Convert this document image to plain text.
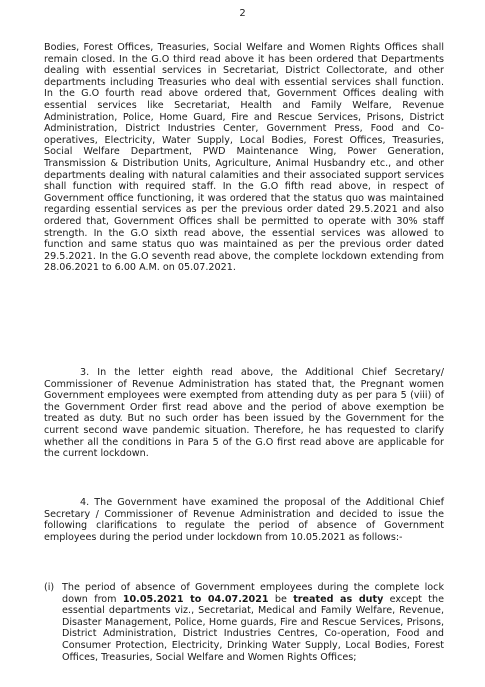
2

Bodies, Forest Offices, Treasuries, Social Welfare and Women Rights Offices shall remain closed. In the G.O third read above it has been ordered that Departments dealing with essential services in Secretariat, District Collectorate, and other departments including Treasuries who deal with essential services shall function. In the G.O fourth read above ordered that, Government Offices dealing with essential services like Secretariat, Health and Family Welfare, Revenue Administration, Police, Home Guard, Fire and Rescue Services, Prisons, District Administration, District Industries Center, Government Press, Food and Co-operatives, Electricity, Water Supply, Local Bodies, Forest Offices, Treasuries, Social Welfare Department, PWD Maintenance Wing, Power Generation, Transmission & Distribution Units, Agriculture, Animal Husbandry etc., and other departments dealing with natural calamities and their associated support services shall function with required staff. In the G.O fifth read above, in respect of Government office functioning, it was ordered that the status quo was maintained regarding essential services as per the previous order dated 29.5.2021 and also ordered that, Government Offices shall be permitted to operate with 30% staff strength. In the G.O sixth read above, the essential services was allowed to function and same status quo was maintained as per the previous order dated 29.5.2021. In the G.O seventh read above, the complete lockdown extending from 28.06.2021 to 6.00 A.M. on 05.07.2021.

3. In the letter eighth read above, the Additional Chief Secretary/ Commissioner of Revenue Administration has stated that, the Pregnant women Government employees were exempted from attending duty as per para 5 (viii) of the Government Order first read above and the period of above exemption be treated as duty. But no such order has been issued by the Government for the current second wave pandemic situation. Therefore, he has requested to clarify whether all the conditions in Para 5 of the G.O first read above are applicable for the current lockdown.

4. The Government have examined the proposal of the Additional Chief Secretary / Commissioner of Revenue Administration and decided to issue the following clarifications to regulate the period of absence of Government employees during the period under lockdown from 10.05.2021 as follows:-

(i) The period of absence of Government employees during the complete lock down from 10.05.2021 to 04.07.2021 be treated as duty except the essential departments viz., Secretariat, Medical and Family Welfare, Revenue, Disaster Management, Police, Home guards, Fire and Rescue Services, Prisons, District Administration, District Industries Centres, Co-operation, Food and Consumer Protection, Electricity, Drinking Water Supply, Local Bodies, Forest Offices, Treasuries, Social Welfare and Women Rights Offices;
